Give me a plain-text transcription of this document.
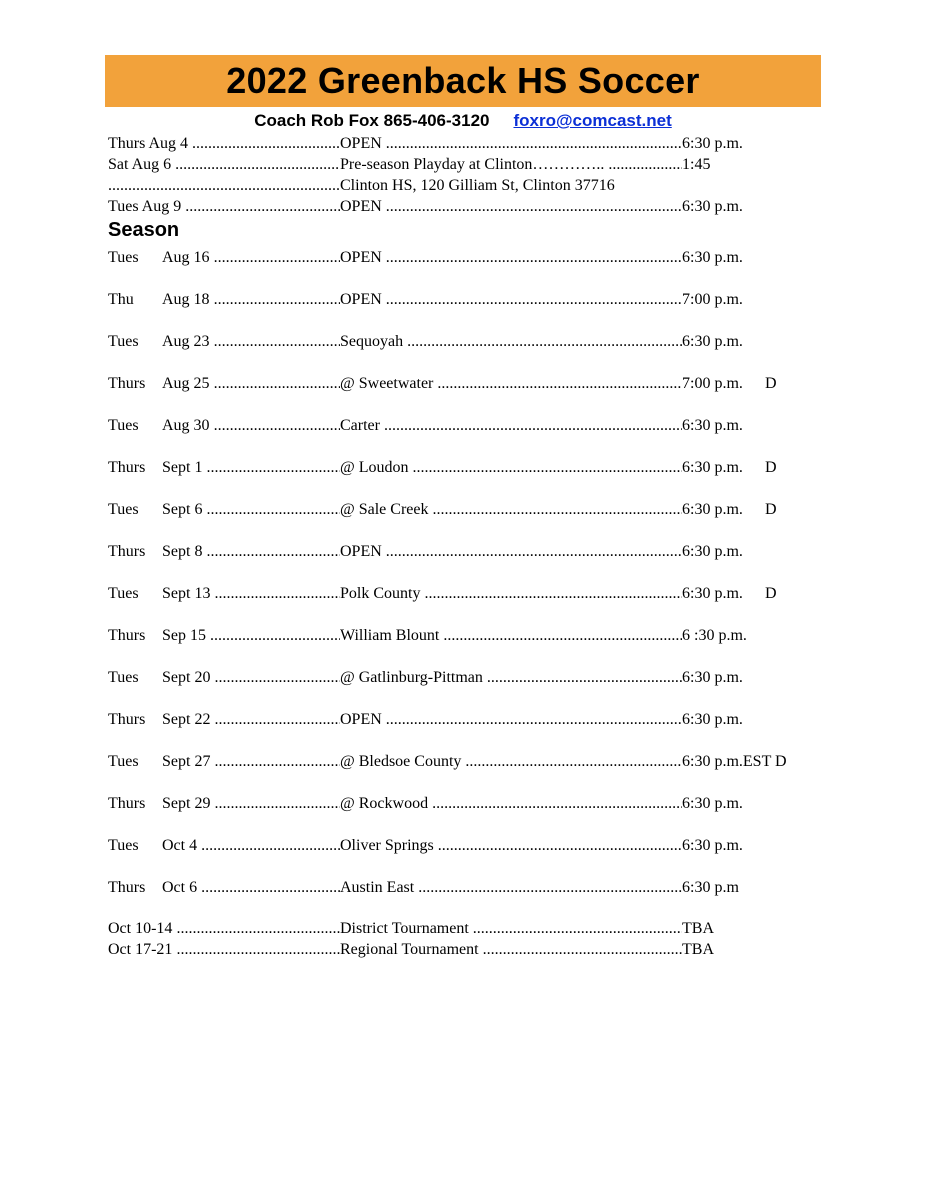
2022 Greenback HS Soccer
Coach Rob Fox 865-406-3120 foxro@comcast.net
Thurs Aug 4 .....	OPEN .....	6:30 p.m.
Sat Aug 6 .....	Pre-season Playday at Clinton………….. .....	1:45
.....
Clinton HS, 120 Gilliam St, Clinton 37716
Tues Aug 9 .....	OPEN .....	6:30 p.m.
Season
Tues Aug 16 .....	OPEN .....	6:30 p.m.
Thu Aug 18 .....	OPEN .....	7:00 p.m.
Tues Aug 23 .....	Sequoyah .....	6:30 p.m.
Thurs Aug 25 .....	@ Sweetwater .....	7:00 p.m. D
Tues Aug 30 .....	Carter .....	6:30 p.m.
Thurs Sept 1 .....	@ Loudon .....	6:30 p.m. D
Tues Sept 6 .....	@ Sale Creek .....	6:30 p.m. D
Thurs Sept 8 .....	OPEN .....	6:30 p.m.
Tues Sept 13 .....	Polk County .....	6:30 p.m. D
Thurs Sep 15 .....	William Blount .....	6 :30 p.m.
Tues Sept 20 .....	@ Gatlinburg-Pittman .....	6:30 p.m.
Thurs Sept 22 .....	OPEN .....	6:30 p.m.
Tues Sept 27 .....	@ Bledsoe County .....	6:30 p.m.EST D
Thurs Sept 29 .....	@ Rockwood .....	6:30 p.m.
Tues Oct 4 .....	Oliver Springs .....	6:30 p.m.
Thurs Oct 6 .....	Austin East .....	6:30 p.m
Oct 10-14 .....	District Tournament .....	TBA
Oct 17-21 .....	Regional Tournament .....	TBA
